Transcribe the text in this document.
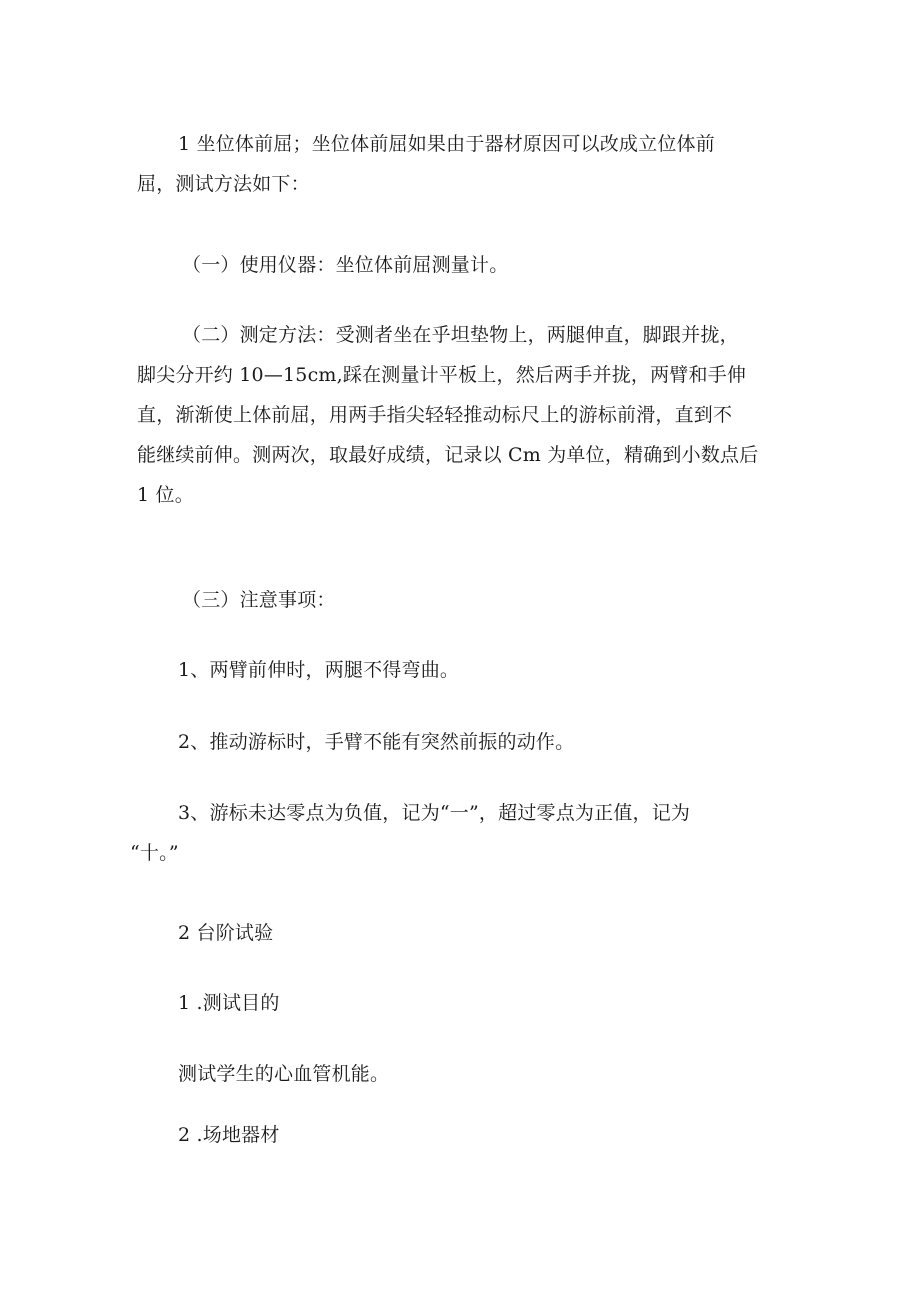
1 坐位体前屈；坐位体前屈如果由于器材原因可以改成立位体前
屈，测试方法如下：
（一）使用仪器：坐位体前屈测量计。
（二）测定方法：受测者坐在乎坦垫物上，两腿伸直，脚跟并拢，
脚尖分开约 10—15cm,踩在测量计平板上，然后两手并拢，两臂和手伸
直，渐渐使上体前屈，用两手指尖轻轻推动标尺上的游标前滑，直到不
能继续前伸。测两次，取最好成绩，记录以 Cm 为单位，精确到小数点后
1 位。
（三）注意事项：
1、两臂前伸时，两腿不得弯曲。
2、推动游标时，手臂不能有突然前振的动作。
3、游标未达零点为负值，记为“一”，超过零点为正值，记为
“十。”
2 台阶试验
1 .测试目的
测试学生的心血管机能。
2 .场地器材
